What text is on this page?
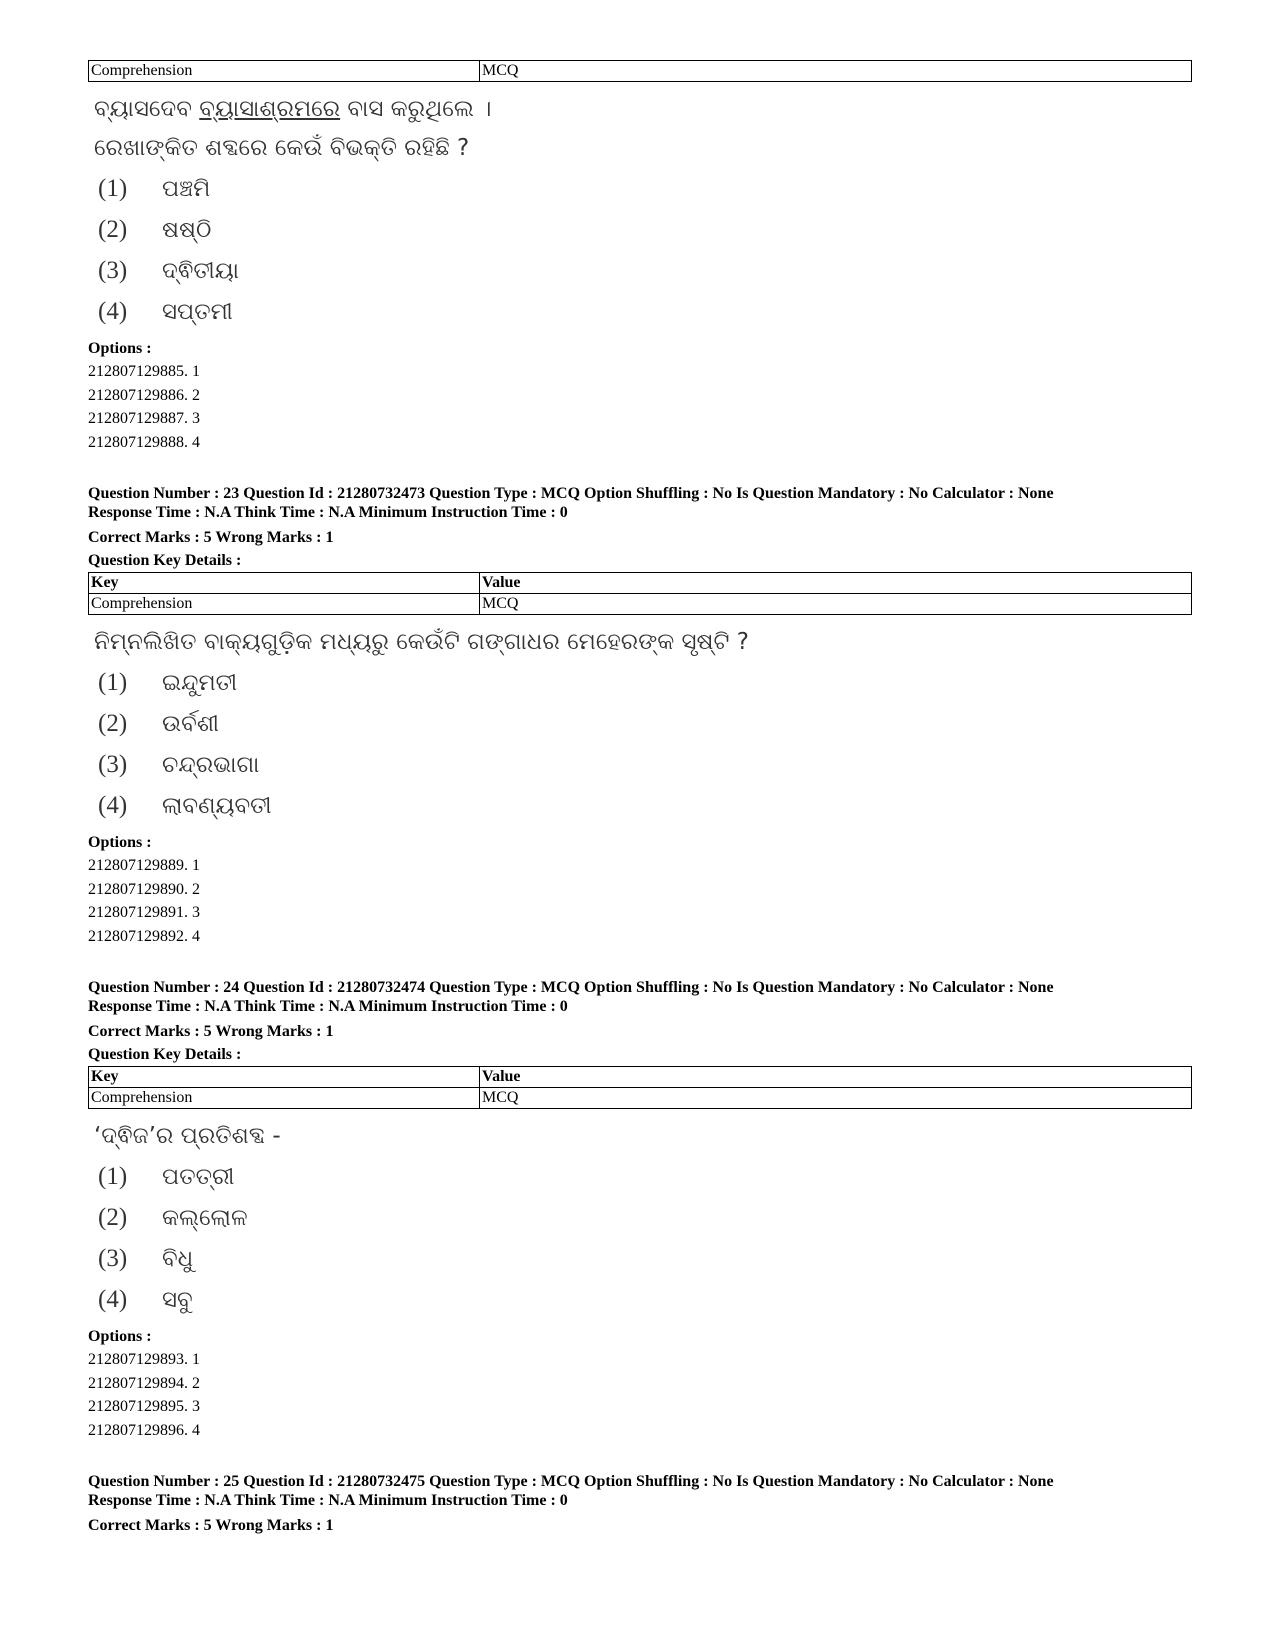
Comprehension	MCQ
ବ୍ୟାସଦେବ ବ୍ୟାସାଶ୍ରମରେ ବାସ କରୁଥିଲେ ।
ରେଖାଙ୍କିତ ଶବ୍ଦରେ କେଉଁ ବିଭକ୍ତି ରହିଛି ?
(1) ପଞ୍ଚମି
(2) ଷଷ୍ଠି
(3) ଦ୍ଵିତୀୟା
(4) ସପ୍ତମୀ
Options :
212807129885. 1
212807129886. 2
212807129887. 3
212807129888. 4
Question Number : 23 Question Id : 21280732473 Question Type : MCQ Option Shuffling : No Is Question Mandatory : No Calculator : None
Response Time : N.A Think Time : N.A Minimum Instruction Time : 0
Correct Marks : 5 Wrong Marks : 1
Question Key Details :
Key	Value
Comprehension	MCQ
ନିମ୍ନଲିଖିତ ବାକ୍ୟଗୁଡ଼ିକ ମଧ୍ୟରୁ କେଉଁଟି ଗଙ୍ଗାଧର ମେହେରଙ୍କ ସୃଷ୍ଟି ?
(1) ଇନ୍ଦୁମତୀ
(2) ଉର୍ବଶୀ
(3) ଚନ୍ଦ୍ରଭାଗା
(4) ଲାବଣ୍ୟବତୀ
Options :
212807129889. 1
212807129890. 2
212807129891. 3
212807129892. 4
Question Number : 24 Question Id : 21280732474 Question Type : MCQ Option Shuffling : No Is Question Mandatory : No Calculator : None
Response Time : N.A Think Time : N.A Minimum Instruction Time : 0
Correct Marks : 5 Wrong Marks : 1
Question Key Details :
Key	Value
Comprehension	MCQ
‘ଦ୍ଵିଜ’ର ପ୍ରତିଶବ୍ଦ -
(1) ପତତ୍ରୀ
(2) କଲ୍ଲୋଳ
(3) ବିଧୁ
(4) ସବୁ
Options :
212807129893. 1
212807129894. 2
212807129895. 3
212807129896. 4
Question Number : 25 Question Id : 21280732475 Question Type : MCQ Option Shuffling : No Is Question Mandatory : No Calculator : None
Response Time : N.A Think Time : N.A Minimum Instruction Time : 0
Correct Marks : 5 Wrong Marks : 1
